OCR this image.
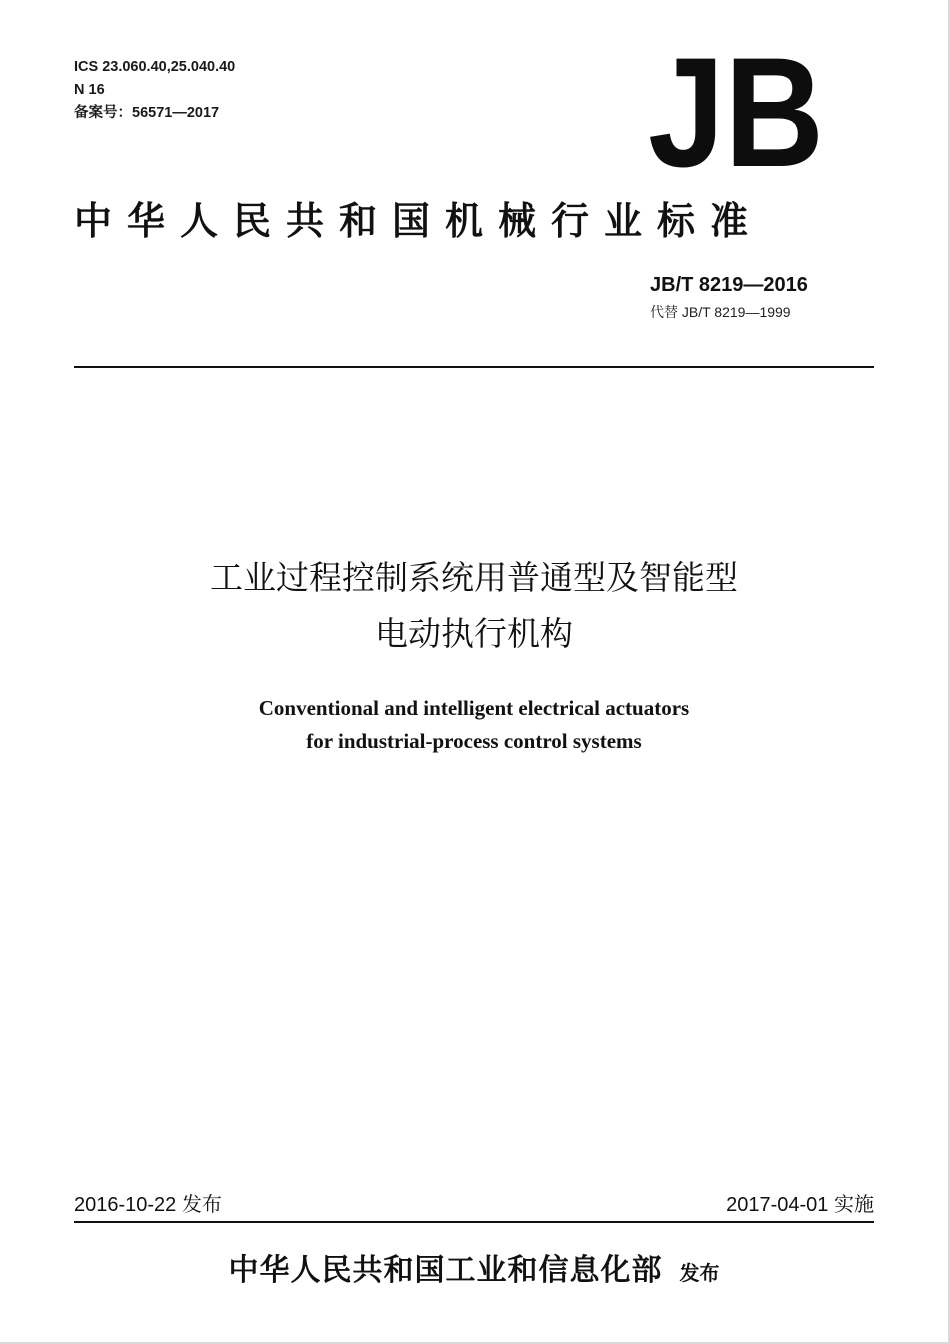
ICS 23.060.40,25.040.40
N 16
备案号：56571—2017	JB
中华人民共和国机械行业标准
JB/T 8219—2016
代替 JB/T 8219—1999
工业过程控制系统用普通型及智能型
电动执行机构
Conventional and intelligent electrical actuators
for industrial-process control systems
2016-10-22 发布	2017-04-01 实施
中华人民共和国工业和信息化部 发布
